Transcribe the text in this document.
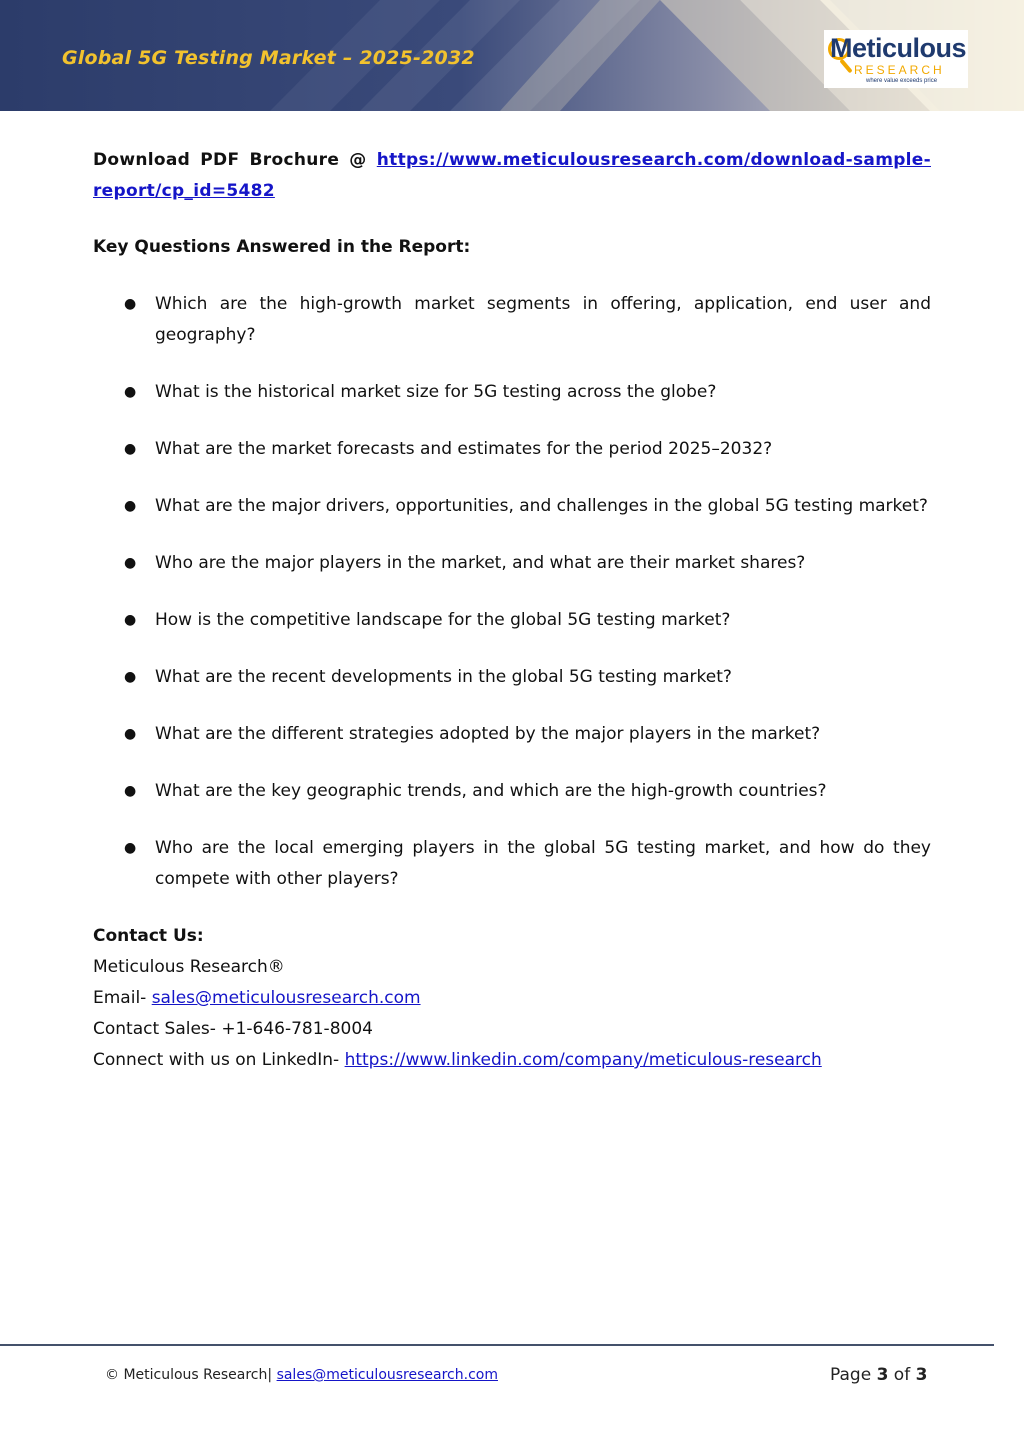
Global 5G Testing Market – 2025-2032	Meticulous
RESEARCH
where value exceeds price
Download PDF Brochure @ https://www.meticulousresearch.com/download-sample-report/cp_id=5482
Key Questions Answered in the Report:
● Which are the high-growth market segments in offering, application, end user and geography?
● What is the historical market size for 5G testing across the globe?
● What are the market forecasts and estimates for the period 2025–2032?
● What are the major drivers, opportunities, and challenges in the global 5G testing market?
● Who are the major players in the market, and what are their market shares?
● How is the competitive landscape for the global 5G testing market?
● What are the recent developments in the global 5G testing market?
● What are the different strategies adopted by the major players in the market?
● What are the key geographic trends, and which are the high-growth countries?
● Who are the local emerging players in the global 5G testing market, and how do they compete with other players?
Contact Us:
Meticulous Research®
Email- sales@meticulousresearch.com
Contact Sales- +1-646-781-8004
Connect with us on LinkedIn- https://www.linkedin.com/company/meticulous-research
© Meticulous Research| sales@meticulousresearch.com	Page 3 of 3
